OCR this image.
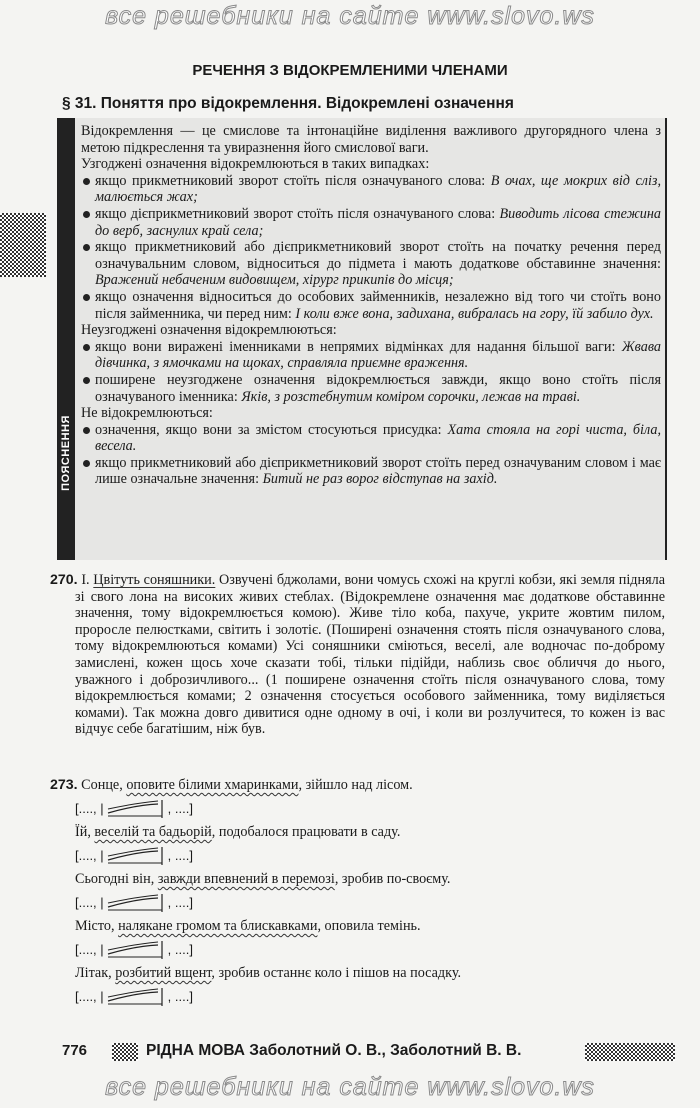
все решебники на сайте www.slovo.ws
РЕЧЕННЯ З ВІДОКРЕМЛЕНИМИ ЧЛЕНАМИ
§ 31. Поняття про відокремлення. Відокремлені означення
ПОЯСНЕННЯ

Відокремлення — це смислове та інтонаційне виділення важливого другорядного члена з метою підкреслення та увиразнення його смислової ваги.

Узгоджені означення відокремлюються в таких випадках:

якщо прикметниковий зворот стоїть після означуваного слова: В очах, ще мокрих від сліз, малюється жах;
якщо дієприкметниковий зворот стоїть після означуваного слова: Виводить лісова стежина до верб, заснулих край села;
якщо прикметниковий або дієприкметниковий зворот стоїть на початку речення перед означувальним словом, відноситься до підмета і мають додаткове обставинне значення: Вражений небаченим видовищем, хірург прикипів до місця;
якщо означення відноситься до особових займенників, незалежно від того чи стоїть воно після займенника, чи перед ним: І коли вже вона, задихана, вибралась на гору, їй забило дух.

Неузгоджені означення відокремлюються:

якщо вони виражені іменниками в непрямих відмінках для надання більшої ваги: Жвава дівчинка, з ямочками на щоках, справляла приємне враження.
поширене неузгоджене означення відокремлюється завжди, якщо воно стоїть після означуваного іменника: Яків, з розстебнутим коміром сорочки, лежав на траві.

Не відокремлюються:

означення, якщо вони за змістом стосуються присудка: Хата стояла на горі чиста, біла, весела.
якщо прикметниковий або дієприкметниковий зворот стоїть перед означуваним словом і має лише означальне значення: Битий не раз ворог відступав на захід.
270. І. Цвітуть соняшники. Озвучені бджолами, вони чомусь схожі на круглі кобзи, які земля підняла зі свого лона на високих живих стеблах. (Відокремлене означення має додаткове обставинне значення, тому відокремлюється комою). Живе тіло коба, пахуче, укрите жовтим пилом, проросле пелюстками, світить і золотіє. (Поширені означення стоять після означуваного слова, тому відокремлюються комами) Усі соняшники сміються, веселі, але водночас по-доброму замислені, кожен щось хоче сказати тобі, тільки підійди, наблизь своє обличчя до нього, уважного і доброзичливого... (1 поширене означення стоїть після означуваного слова, тому відокремлюється комами; 2 означення стосується особового займенника, тому виділяється комами). Так можна довго дивитися одне одному в очі, і коли ви розлучитеся, то кожен із вас відчує себе багатішим, ніж був.
273. Сонце, оповите білими хмаринками, зійшло над лісом.
[...., |	, ....]
Їй, веселій та бадьорій, подобалося працювати в саду.
[...., |	, ....]
Сьогодні він, завжди впевнений в перемозі, зробив по-своєму.
[...., |	, ....]
Місто, налякане громом та блискавками, оповила темінь.
[...., |	, ....]
Літак, розбитий вщент, зробив останнє коло і пішов на посадку.
[...., |	, ....]
776	РІДНА МОВА Заболотний О. В., Заболотний В. В.
все решебники на сайте www.slovo.ws
